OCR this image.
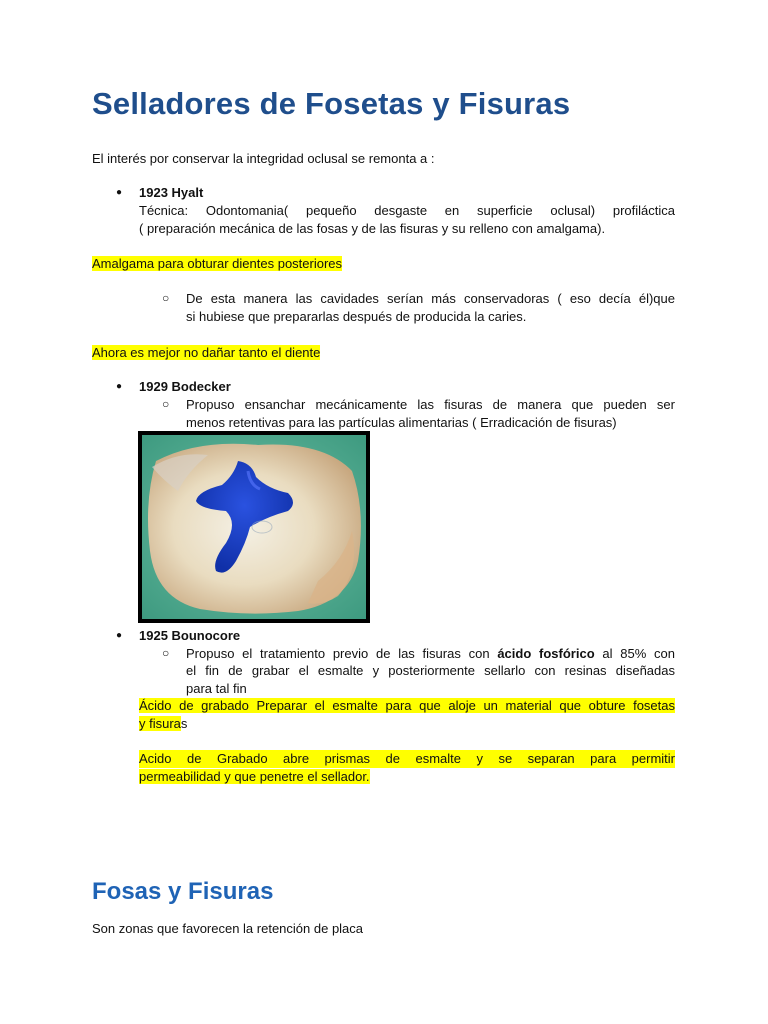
Selladores de Fosetas y Fisuras
El interés por conservar la integridad oclusal se remonta a :
● 1923 Hyalt
Técnica: Odontomania( pequeño desgaste en superficie oclusal) profiláctica
( preparación mecánica de las fosas y de las fisuras y su relleno con amalgama).
Amalgama para obturar dientes posteriores
○ De esta manera las cavidades serían más conservadoras ( eso decía él)que
si hubiese que prepararlas después de producida la caries.
Ahora es mejor no dañar tanto el diente
● 1929 Bodecker
○ Propuso ensanchar mecánicamente las fisuras de manera que pueden ser
menos retentivas para las partículas alimentarias ( Erradicación de fisuras)
● 1925 Bounocore
○ Propuso el tratamiento previo de las fisuras con ácido fosfórico al 85% con
el fin de grabar el esmalte y posteriormente sellarlo con resinas diseñadas
para tal fin
Ácido de grabado Preparar el esmalte para que aloje un material que obture fosetas
y fisuras
Acido de Grabado abre prismas de esmalte y se separan para permitir
permeabilidad y que penetre el sellador.
Fosas y Fisuras
Son zonas que favorecen la retención de placa
